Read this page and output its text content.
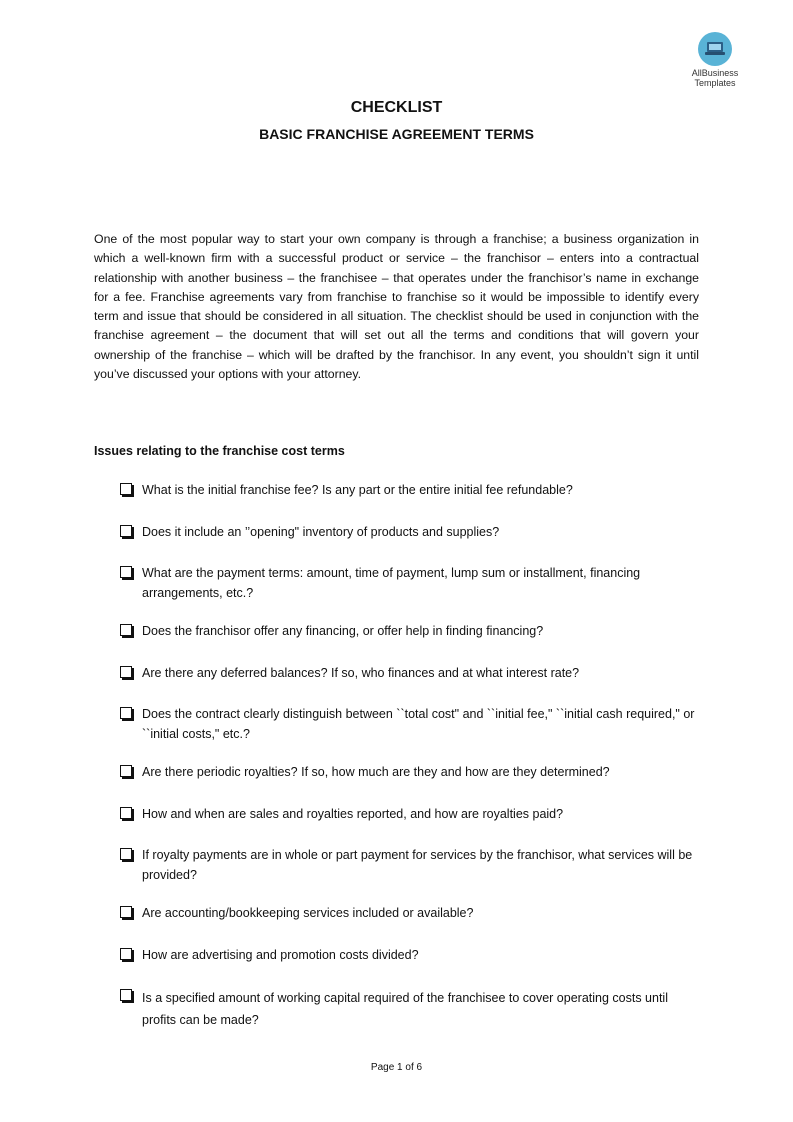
AllBusiness
Templates
CHECKLIST
BASIC FRANCHISE AGREEMENT TERMS

One of the most popular way to start your own company is through a franchise; a business organization in which a well-known firm with a successful product or service – the franchisor – enters into a contractual relationship with another business – the franchisee – that operates under the franchisor’s name in exchange for a fee. Franchise agreements vary from franchise to franchise so it would be impossible to identify every term and issue that should be considered in all situation. The checklist should be used in conjunction with the franchise agreement – the document that will set out all the terms and conditions that will govern your ownership of the franchise – which will be drafted by the franchisor. In any event, you shouldn’t sign it until you’ve discussed your options with your attorney.

Issues relating to the franchise cost terms
What is the initial franchise fee? Is any part or the entire initial fee refundable?
Does it include an ’’opening" inventory of products and supplies?
What are the payment terms: amount, time of payment, lump sum or installment, financing arrangements, etc.?
Does the franchisor offer any financing, or offer help in finding financing?
Are there any deferred balances? If so, who finances and at what interest rate?
Does the contract clearly distinguish between ``total cost" and ``initial fee," ``initial cash required," or ``initial costs," etc.?
Are there periodic royalties? If so, how much are they and how are they determined?
How and when are sales and royalties reported, and how are royalties paid?
If royalty payments are in whole or part payment for services by the franchisor, what services will be provided?
Are accounting/bookkeeping services included or available?
How are advertising and promotion costs divided?
Is a specified amount of working capital required of the franchisee to cover operating costs until profits can be made?
Page 1 of 6
